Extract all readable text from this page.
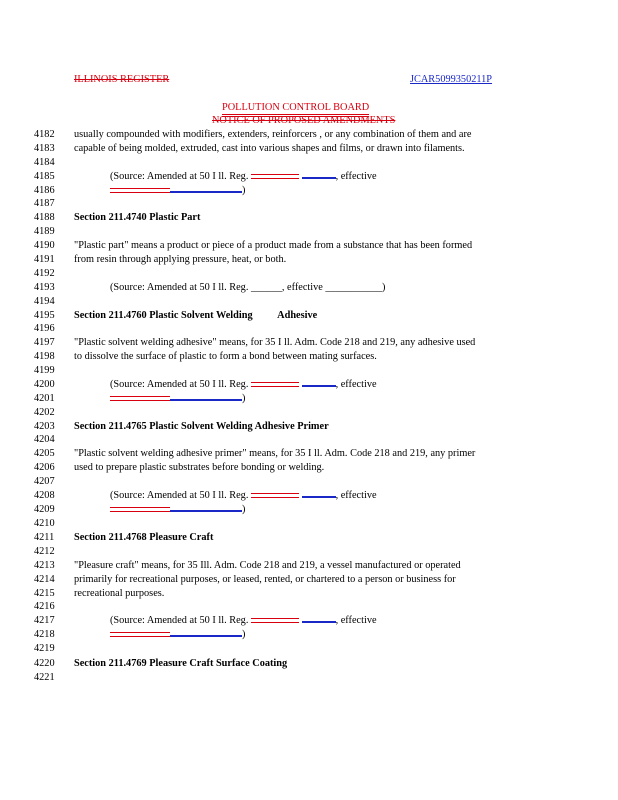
ILLINOIS REGISTER	JCAR5099350211P
POLLUTION CONTROL BOARD
NOTICE OF PROPOSED AMENDMENTS
4182
4183
4184
4185
4186
4187
4188
4189
4190
4191
4192
4193
4194
4195
4196
4197
4198
4199
4200
4201
4202
4203
4204
4205
4206
4207
4208
4209
4210
4211
4212
4213
4214
4215
4216
4217
4218
4219
4220
4221
usually compounded with modifiers, extenders, reinforcers , or any combination of them and are
capable of being molded, extruded, cast into various shapes and films, or drawn into filaments.
(Source: Amended at 50 I ll. Reg.	, effective
)
Section 211.4740 Plastic Part
"Plastic part" means a product or piece of a product made from a substance that has been formed
from resin through applying pressure, heat, or both.
(Source: Amended at 50 I ll. Reg. ______, effective ___________)
Section 211.4760 Plastic Solvent Welding Adhesive
"Plastic solvent welding adhesive" means, for 35 I ll. Adm. Code 218 and 219, any adhesive used
to dissolve the surface of plastic to form a bond between mating surfaces.
(Source: Amended at 50 I ll. Reg.	, effective
)
Section 211.4765 Plastic Solvent Welding Adhesive Primer
"Plastic solvent welding adhesive primer" means, for 35 I ll. Adm. Code 218 and 219, any primer
used to prepare plastic substrates before bonding or welding.
(Source: Amended at 50 I ll. Reg.	, effective
)
Section 211.4768 Pleasure Craft
"Pleasure craft" means, for 35 Ill. Adm. Code 218 and 219, a vessel manufactured or operated
primarily for recreational purposes, or leased, rented, or chartered to a person or business for
recreational purposes.
(Source: Amended at 50 I ll. Reg.	, effective
)
Section 211.4769 Pleasure Craft Surface Coating
